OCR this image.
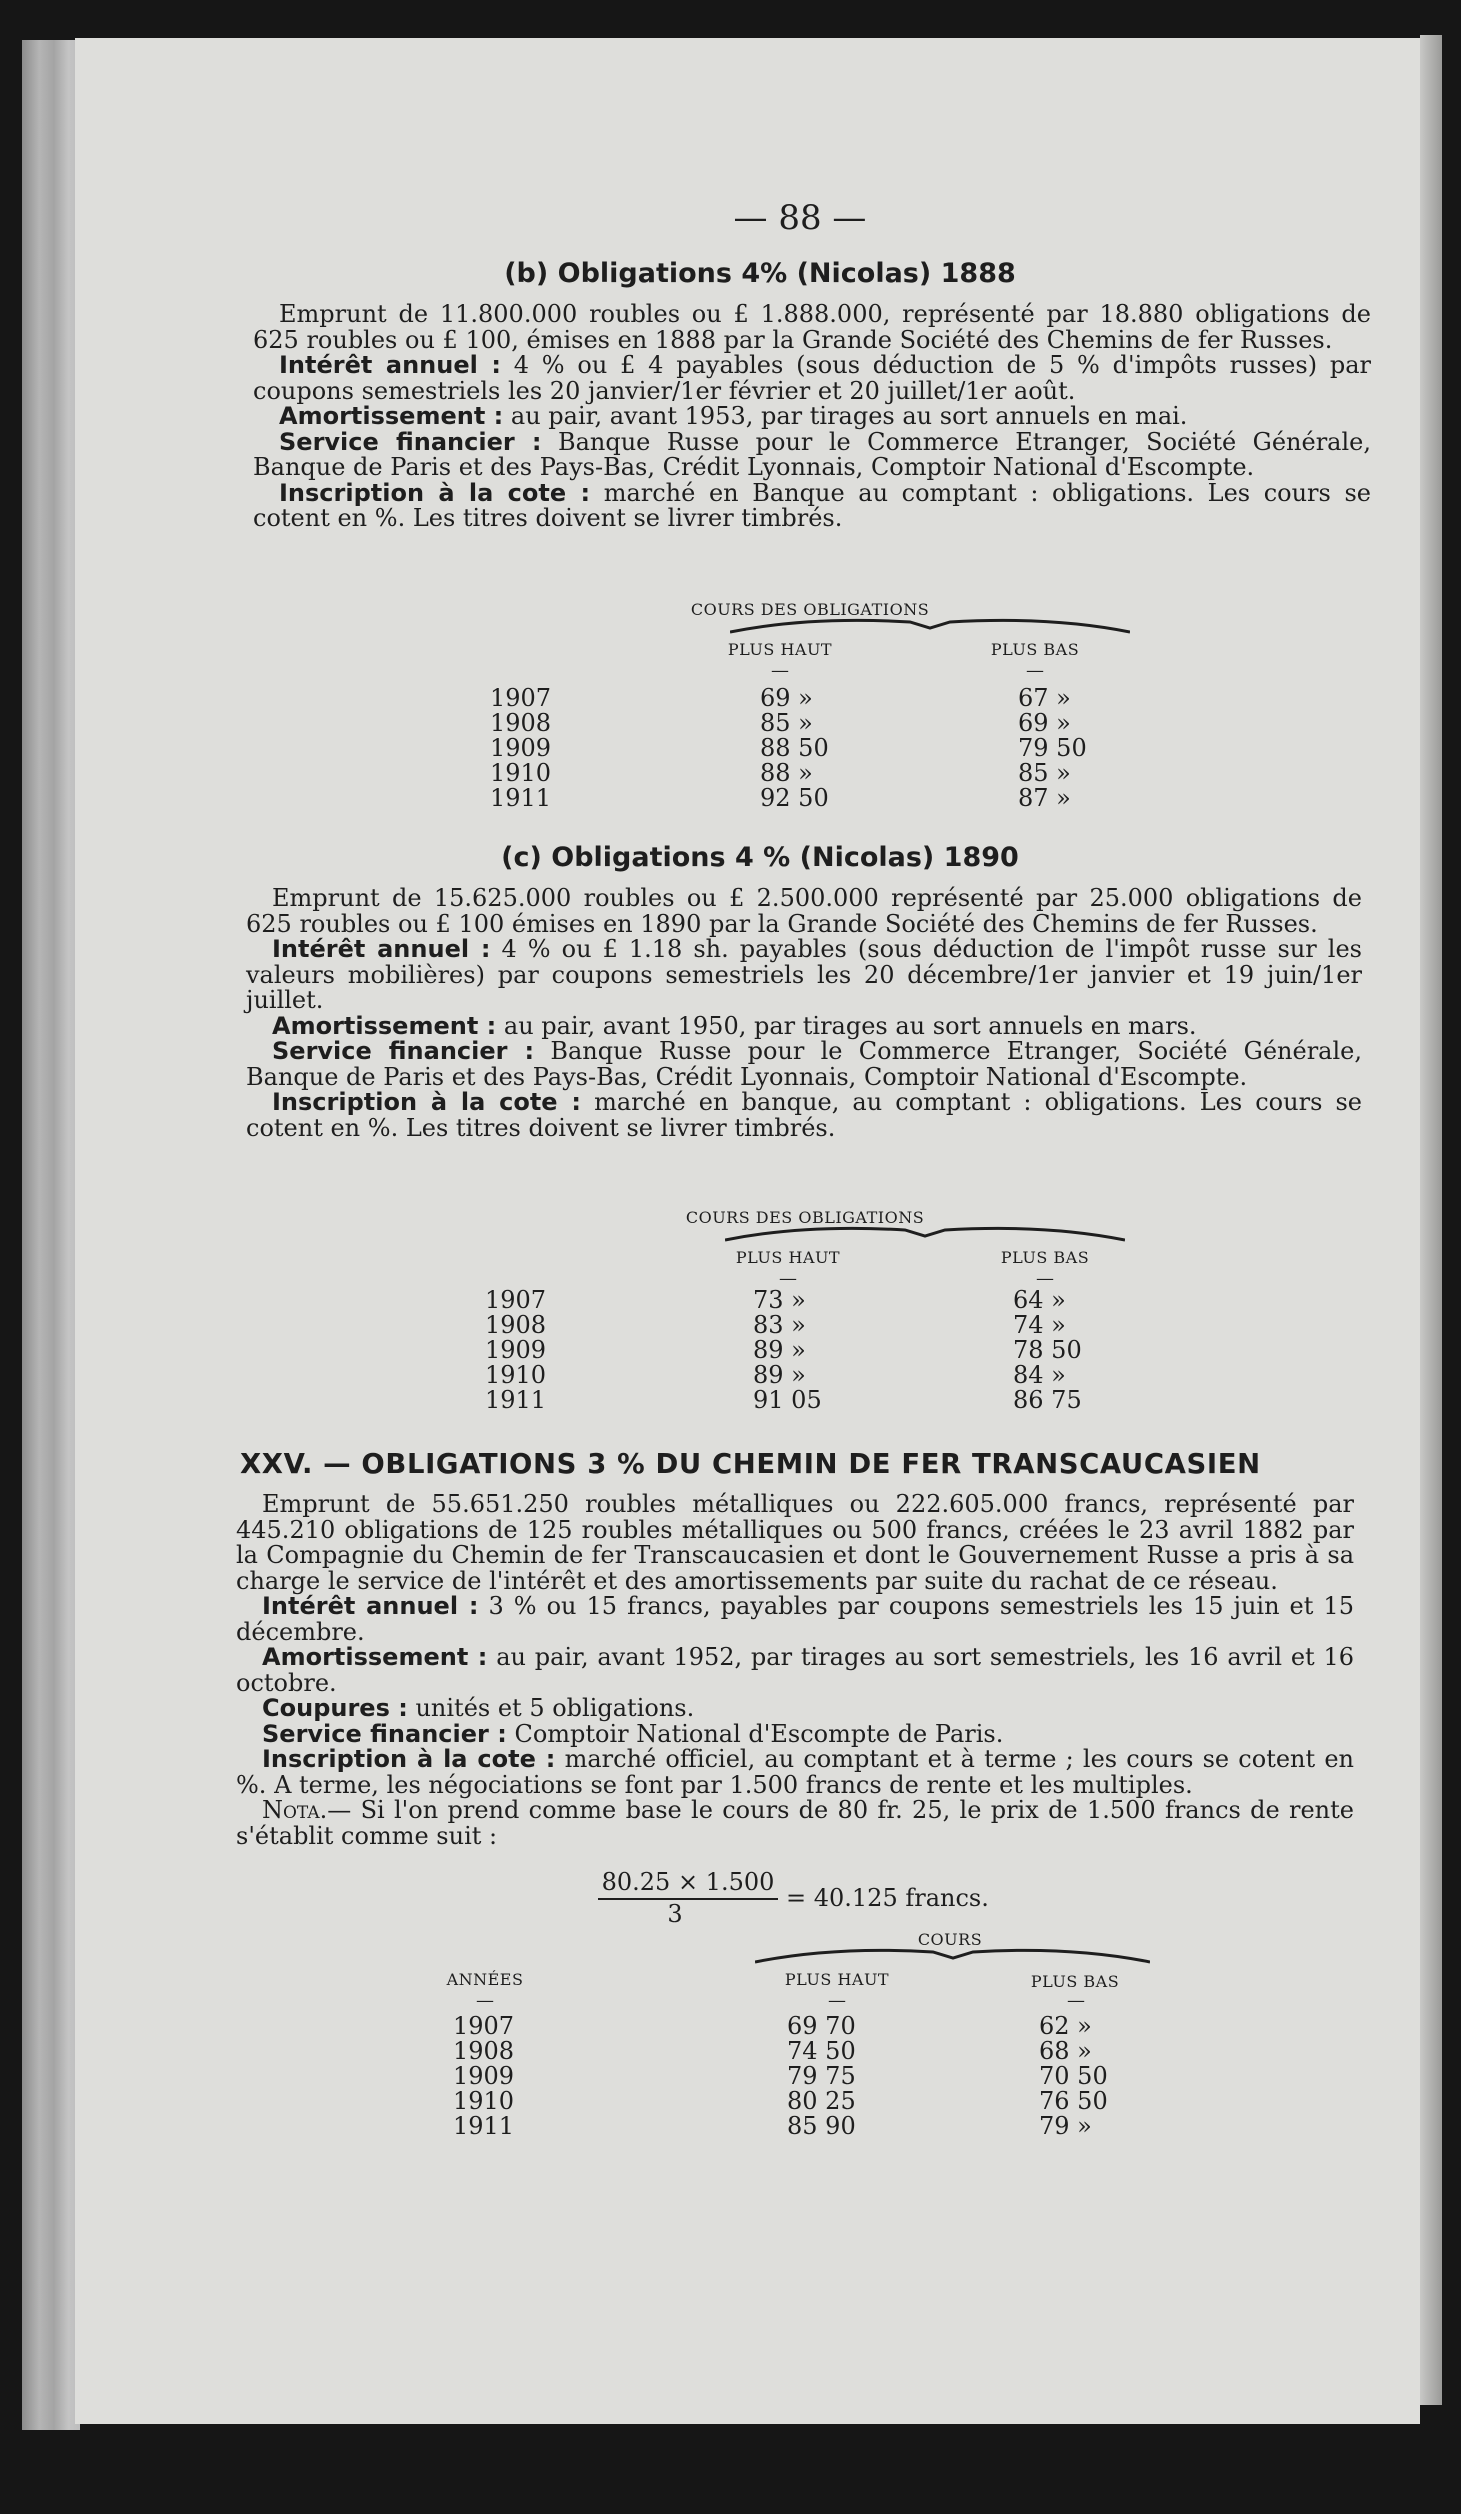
— 88 —
(b) Obligations 4% (Nicolas) 1888

Emprunt de 11.800.000 roubles ou £ 1.888.000, représenté par 18.880 obligations de 625 roubles ou £ 100, émises en 1888 par la Grande Société des Chemins de fer Russes.

Intérêt annuel : 4 % ou £ 4 payables (sous déduction de 5 % d'impôts russes) par coupons semestriels les 20 janvier/1er février et 20 juillet/1er août.

Amortissement : au pair, avant 1953, par tirages au sort annuels en mai.

Service financier : Banque Russe pour le Commerce Etranger, Société Générale, Banque de Paris et des Pays-Bas, Crédit Lyonnais, Comptoir National d'Escompte.

Inscription à la cote : marché en Banque au comptant : obligations. Les cours se cotent en %. Les titres doivent se livrer timbrés.

COURS DES OBLIGATIONS
PLUS HAUT	PLUS BAS
—	—
1907	69 »	67 »
1908	85 »	69 »
1909	88 50	79 50
1910	88 »	85 »
1911	92 50	87 »
(c) Obligations 4 % (Nicolas) 1890

Emprunt de 15.625.000 roubles ou £ 2.500.000 représenté par 25.000 obligations de 625 roubles ou £ 100 émises en 1890 par la Grande Société des Chemins de fer Russes.

Intérêt annuel : 4 % ou £ 1.18 sh. payables (sous déduction de l'impôt russe sur les valeurs mobilières) par coupons semestriels les 20 décembre/1er janvier et 19 juin/1er juillet.

Amortissement : au pair, avant 1950, par tirages au sort annuels en mars.

Service financier : Banque Russe pour le Commerce Etranger, Société Générale, Banque de Paris et des Pays-Bas, Crédit Lyonnais, Comptoir National d'Escompte.

Inscription à la cote : marché en banque, au comptant : obligations. Les cours se cotent en %. Les titres doivent se livrer timbrés.

COURS DES OBLIGATIONS
PLUS HAUT	PLUS BAS
—	—
1907	73 »	64 »
1908	83 »	74 »
1909	89 »	78 50
1910	89 »	84 »
1911	91 05	86 75
XXV. — OBLIGATIONS 3 % DU CHEMIN DE FER TRANSCAUCASIEN

Emprunt de 55.651.250 roubles métalliques ou 222.605.000 francs, représenté par 445.210 obligations de 125 roubles métalliques ou 500 francs, créées le 23 avril 1882 par la Compagnie du Chemin de fer Transcaucasien et dont le Gouvernement Russe a pris à sa charge le service de l'intérêt et des amortissements par suite du rachat de ce réseau.

Intérêt annuel : 3 % ou 15 francs, payables par coupons semestriels les 15 juin et 15 décembre.

Amortissement : au pair, avant 1952, par tirages au sort semestriels, les 16 avril et 16 octobre.

Coupures : unités et 5 obligations.

Service financier : Comptoir National d'Escompte de Paris.

Inscription à la cote : marché officiel, au comptant et à terme ; les cours se cotent en %. A terme, les négociations se font par 1.500 francs de rente et les multiples.

Nota.— Si l'on prend comme base le cours de 80 fr. 25, le prix de 1.500 francs de rente s'établit comme suit :

80.25 × 1.500
3
= 40.125 francs.
COURS
ANNÉES	PLUS HAUT	PLUS BAS
—	—	—
1907	69 70	62 »
1908	74 50	68 »
1909	79 75	70 50
1910	80 25	76 50
1911	85 90	79 »
